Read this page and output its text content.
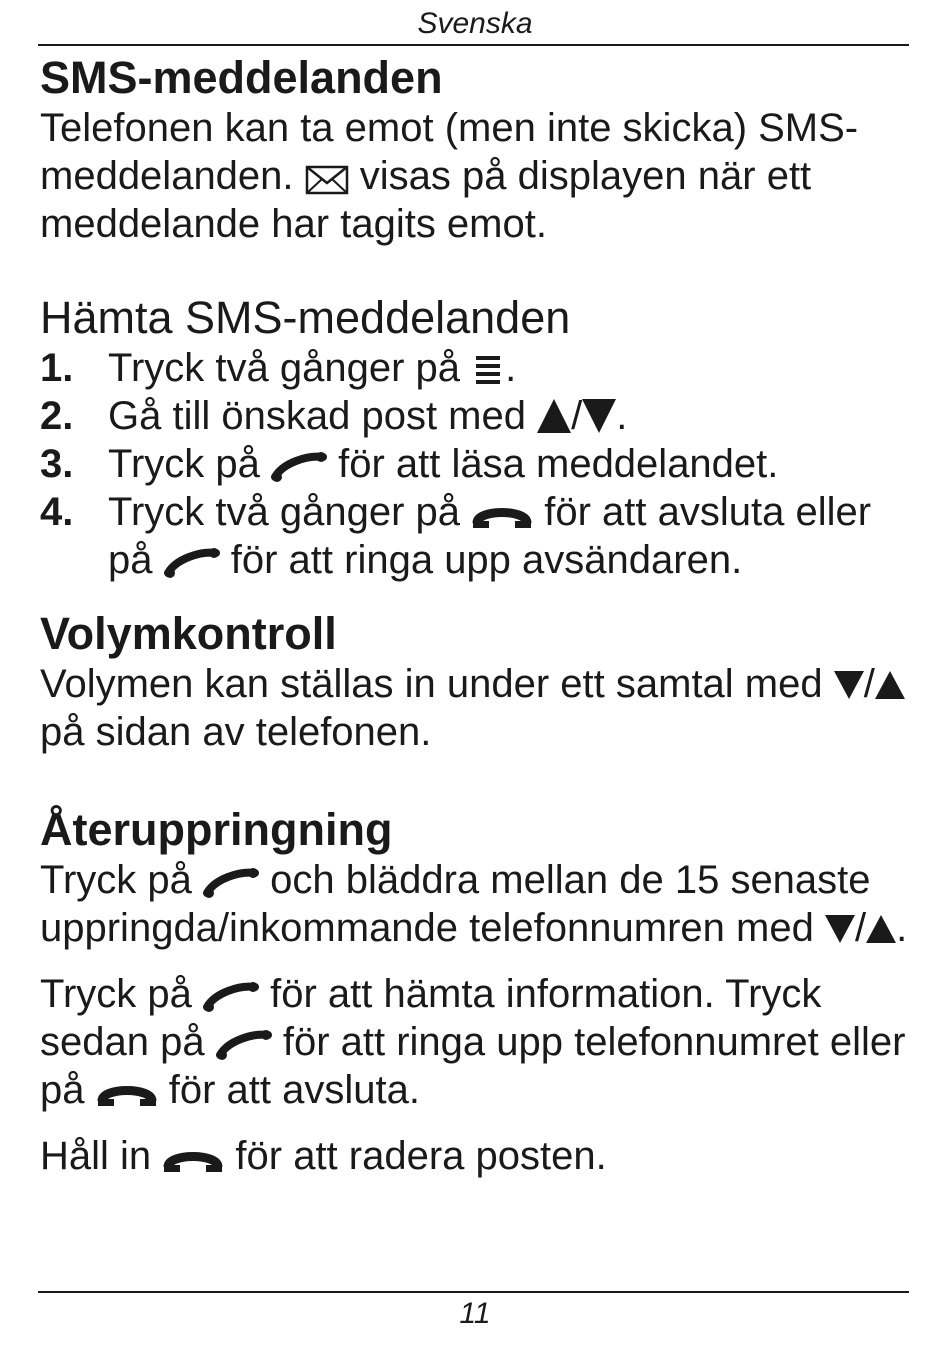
Svenska
SMS-meddelanden

Telefonen kan ta emot (men inte skicka) SMS-meddelanden. visas på displayen när ett meddelande har tagits emot.

Hämta SMS-meddelanden
1. Tryck två gånger på .
2. Gå till önskad post med / .
3. Tryck på för att läsa meddelandet.
4. Tryck två gånger på för att avsluta eller på för att ringa upp avsändaren.
Volymkontroll

Volymen kan ställas in under ett samtal med / på sidan av telefonen.

Återuppringning

Tryck på och bläddra mellan de 15 senaste uppringda/inkommande telefonnumren med / .

Tryck på för att hämta information. Tryck sedan på för att ringa upp telefonnumret eller på för att avsluta.

Håll in för att radera posten.

11
